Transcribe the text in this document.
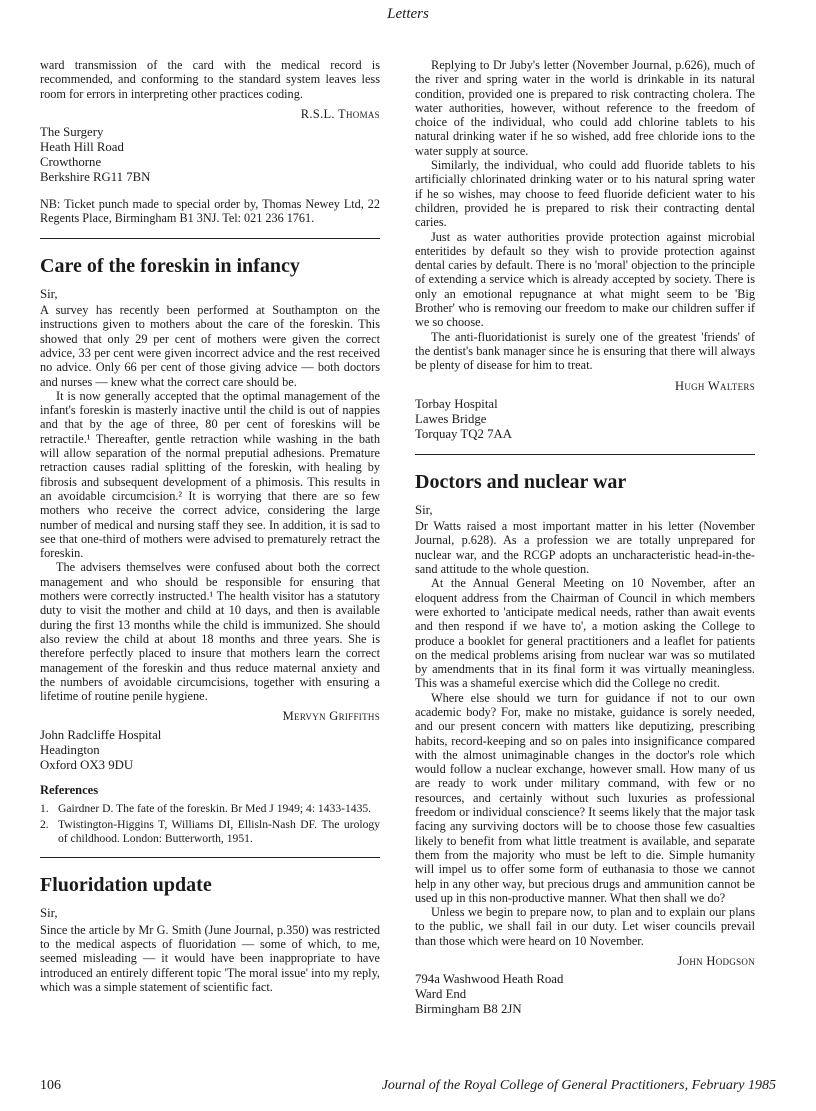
Letters

ward transmission of the card with the medical record is recommended, and conforming to the standard system leaves less room for errors in interpreting other practices coding.

R.S.L. Thomas
The Surgery
Heath Hill Road
Crowthorne
Berkshire RG11 7BN

NB: Ticket punch made to special order by, Thomas Newey Ltd, 22 Regents Place, Birmingham B1 3NJ. Tel: 021 236 1761.

Care of the foreskin in infancy
Sir,

A survey has recently been performed at Southampton on the instructions given to mothers about the care of the foreskin. This showed that only 29 per cent of mothers were given the correct advice, 33 per cent were given incorrect advice and the rest received no advice. Only 66 per cent of those giving advice — both doctors and nurses — knew what the correct care should be.

It is now generally accepted that the optimal management of the infant's foreskin is masterly inactive until the child is out of nappies and that by the age of three, 80 per cent of foreskins will be retractile.¹ Thereafter, gentle retraction while washing in the bath will allow separation of the normal preputial adhesions. Premature retraction causes radial splitting of the foreskin, with healing by fibrosis and subsequent development of a phimosis. This results in an avoidable circumcision.² It is worrying that there are so few mothers who receive the correct advice, considering the large number of medical and nursing staff they see. In addition, it is sad to see that one-third of mothers were advised to prematurely retract the foreskin.

The advisers themselves were confused about both the correct management and who should be responsible for ensuring that mothers were correctly instructed.¹ The health visitor has a statutory duty to visit the mother and child at 10 days, and then is available during the first 13 months while the child is immunized. She should also review the child at about 18 months and three years. She is therefore perfectly placed to insure that mothers learn the correct management of the foreskin and thus reduce maternal anxiety and the numbers of avoidable circumcisions, together with ensuring a lifetime of routine penile hygiene.

Mervyn Griffiths
John Radcliffe Hospital
Headington
Oxford OX3 9DU
References
1. Gairdner D. The fate of the foreskin. Br Med J 1949; 4: 1433-1435.
2. Twistington-Higgins T, Williams DI, Ellisln-Nash DF. The urology of childhood. London: Butterworth, 1951.
Fluoridation update
Sir,

Since the article by Mr G. Smith (June Journal, p.350) was restricted to the medical aspects of fluoridation — some of which, to me, seemed misleading — it would have been inappropriate to have introduced an entirely different topic 'The moral issue' into my reply, which was a simple statement of scientific fact.

Replying to Dr Juby's letter (November Journal, p.626), much of the river and spring water in the world is drinkable in its natural condition, provided one is prepared to risk contracting cholera. The water authorities, however, without reference to the freedom of choice of the individual, who could add chlorine tablets to his natural drinking water if he so wished, add free chloride ions to the water supply at source.

Similarly, the individual, who could add fluoride tablets to his artificially chlorinated drinking water or to his natural spring water if he so wishes, may choose to feed fluoride deficient water to his children, provided he is prepared to risk their contracting dental caries.

Just as water authorities provide protection against microbial enteritides by default so they wish to provide protection against dental caries by default. There is no 'moral' objection to the principle of extending a service which is already accepted by society. There is only an emotional repugnance at what might seem to be 'Big Brother' who is removing our freedom to make our children suffer if we so choose.

The anti-fluoridationist is surely one of the greatest 'friends' of the dentist's bank manager since he is ensuring that there will always be plenty of disease for him to treat.

Hugh Walters
Torbay Hospital
Lawes Bridge
Torquay TQ2 7AA
Doctors and nuclear war
Sir,

Dr Watts raised a most important matter in his letter (November Journal, p.628). As a profession we are totally unprepared for nuclear war, and the RCGP adopts an uncharacteristic head-in-the-sand attitude to the whole question.

At the Annual General Meeting on 10 November, after an eloquent address from the Chairman of Council in which members were exhorted to 'anticipate medical needs, rather than await events and then respond if we have to', a motion asking the College to produce a booklet for general practitioners and a leaflet for patients on the medical problems arising from nuclear war was so mutilated by amendments that in its final form it was virtually meaningless. This was a shameful exercise which did the College no credit.

Where else should we turn for guidance if not to our own academic body? For, make no mistake, guidance is sorely needed, and our present concern with matters like deputizing, prescribing habits, record-keeping and so on pales into insignificance compared with the almost unimaginable changes in the doctor's role which would follow a nuclear exchange, however small. How many of us are ready to work under military command, with few or no resources, and certainly without such luxuries as professional freedom or individual conscience? It seems likely that the major task facing any surviving doctors will be to choose those few casualties likely to benefit from what little treatment is available, and separate them from the majority who must be left to die. Simple humanity will impel us to offer some form of euthanasia to those we cannot help in any other way, but precious drugs and ammunition cannot be used up in this non-productive manner. What then shall we do?

Unless we begin to prepare now, to plan and to explain our plans to the public, we shall fail in our duty. Let wiser councils prevail than those which were heard on 10 November.

John Hodgson
794a Washwood Heath Road
Ward End
Birmingham B8 2JN
106	Journal of the Royal College of General Practitioners, February 1985
